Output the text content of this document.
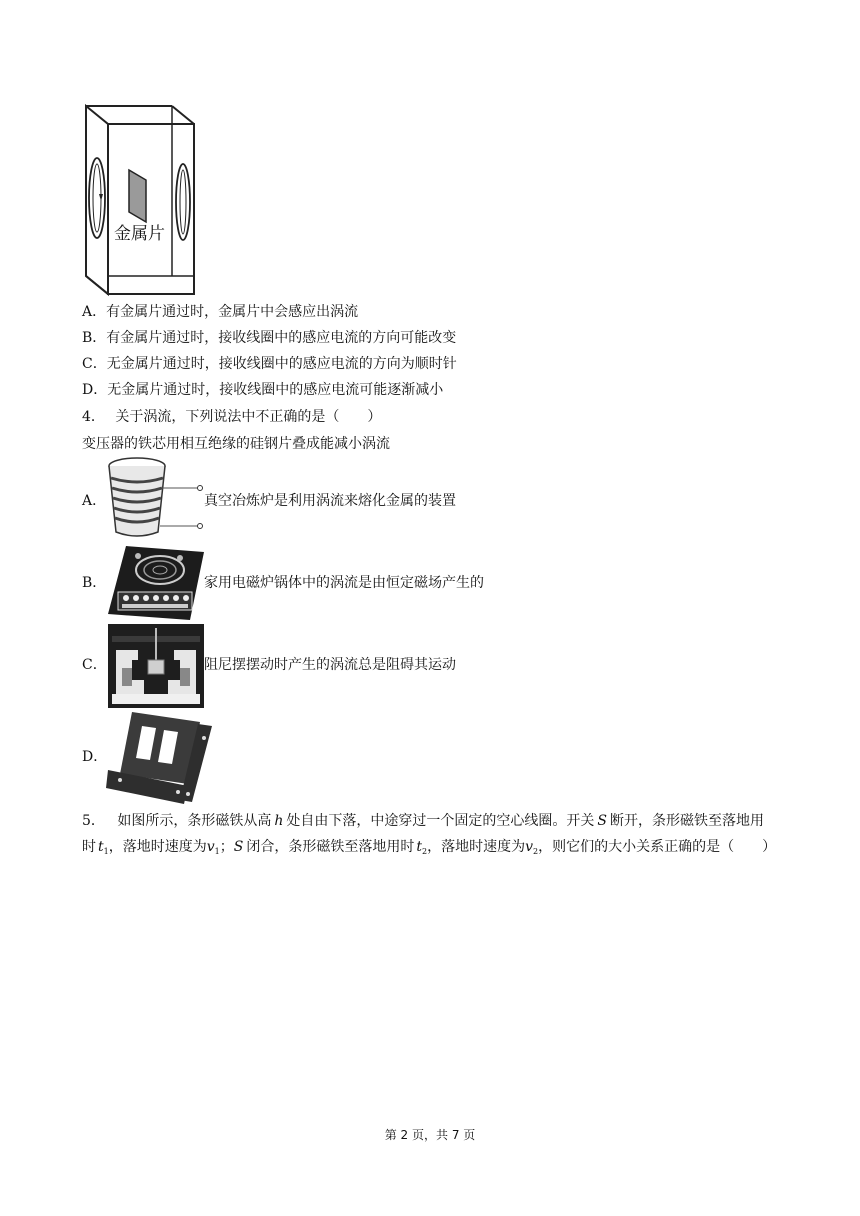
金属片
A．有金属片通过时，金属片中会感应出涡流
B．有金属片通过时，接收线圈中的感应电流的方向可能改变
C．无金属片通过时，接收线圈中的感应电流的方向为顺时针
D．无金属片通过时，接收线圈中的感应电流可能逐渐减小
4． 关于涡流，下列说法中不正确的是（　　）
变压器的铁芯用相互绝缘的硅钢片叠成能减小涡流
A．	真空冶炼炉是利用涡流来熔化金属的装置
B．	家用电磁炉锅体中的涡流是由恒定磁场产生的
C．	阻尼摆摆动时产生的涡流总是阻碍其运动
D．
5． 如图所示，条形磁铁从高 h 处自由下落，中途穿过一个固定的空心线圈。开关 S 断开，条形磁铁至落地用
时 $t_1$，落地时速度为$v_1$；S 闭合，条形磁铁至落地用时 $t_2$，落地时速度为$v_2$，则它们的大小关系正确的是（　　）
第 2 页，共 7 页
